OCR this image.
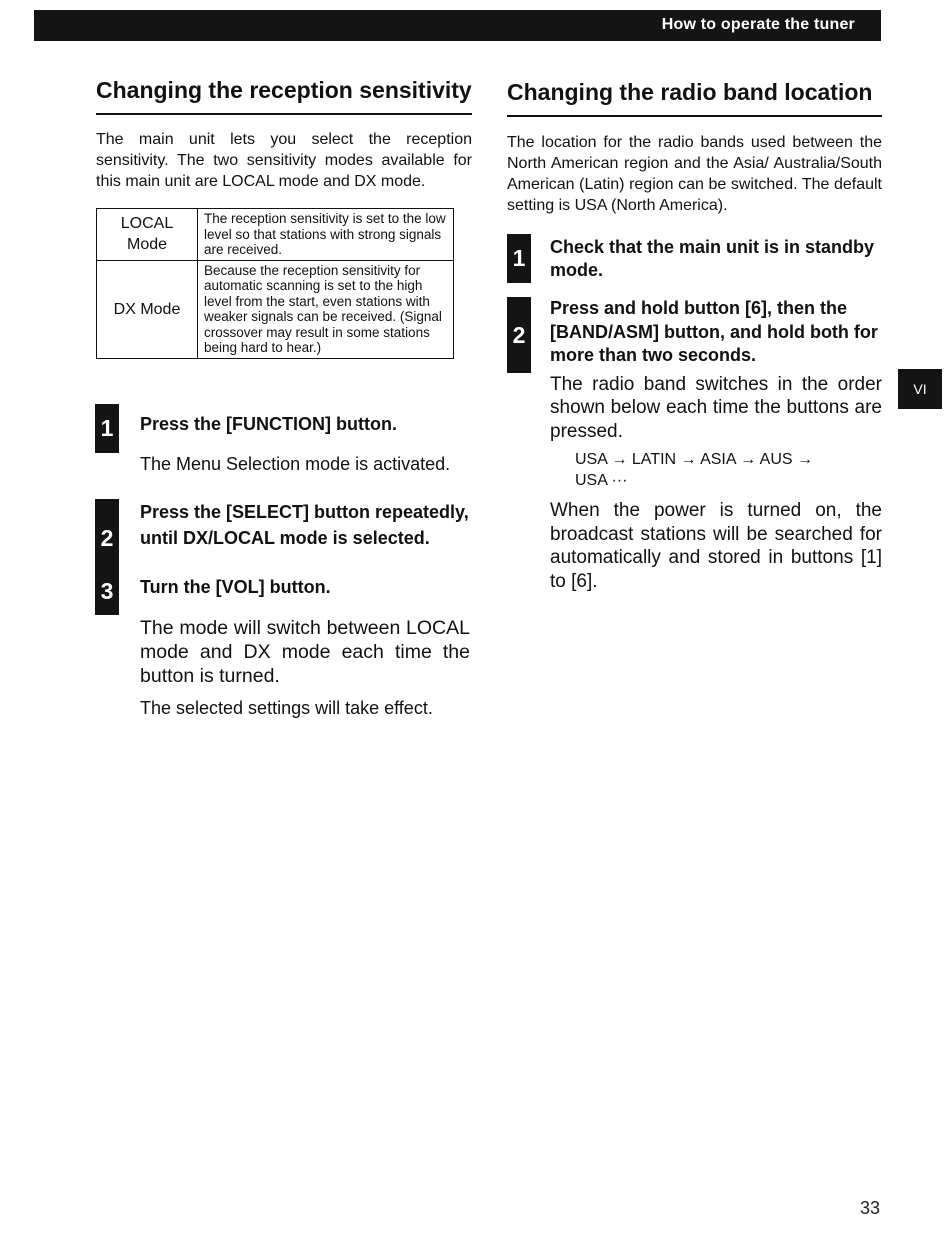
How to operate the tuner
Changing the reception sensitivity

The main unit lets you select the reception sensitivity. The two sensitivity modes available for this main unit are LOCAL mode and DX mode.

LOCAL Mode	The reception sensitivity is set to the low level so that stations with strong signals are received.
DX Mode	Because the reception sensitivity for automatic scanning is set to the high level from the start, even stations with weaker signals can be received. (Signal crossover may result in some stations being hard to hear.)
1	Press the [FUNCTION] button.

The Menu Selection mode is activated.

2

Press the [SELECT] button repeatedly, until DX/LOCAL mode is selected.

3	Turn the [VOL] button.

The mode will switch between LOCAL mode and DX mode each time the button is turned.

The selected settings will take effect.

Changing the radio band location

The location for the radio bands used between the North American region and the Asia/ Australia/South American (Latin) region can be switched. The default setting is USA (North America).

1	Check that the main unit is in standby mode.

2

Press and hold button [6], then the [BAND/ASM] button, and hold both for more than two seconds.

The radio band switches in the order shown below each time the buttons are pressed.

USA → LATIN → ASIA → AUS →
USA ···

When the power is turned on, the broadcast stations will be searched for automatically and stored in buttons [1] to [6].

VI
33
